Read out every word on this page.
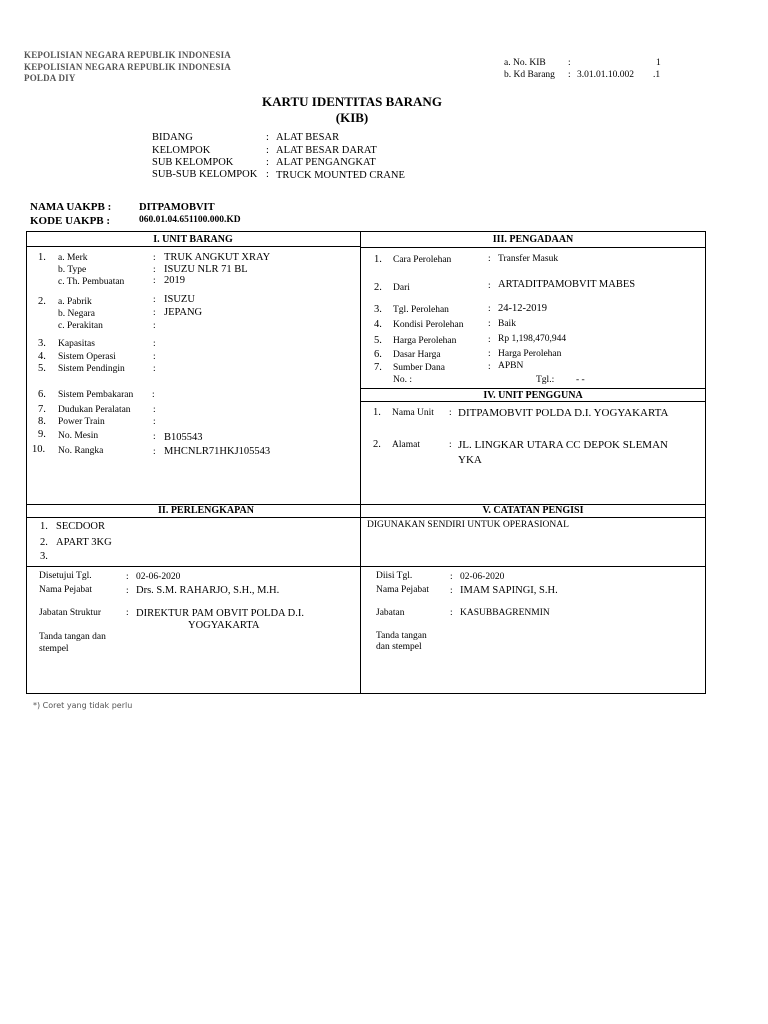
KEPOLISIAN NEGARA REPUBLIK INDONESIA
KEPOLISIAN NEGARA REPUBLIK INDONESIA
POLDA DIY
a. No. KIB :	1
b. Kd Barang : 3.01.01.10.002 .1
KARTU IDENTITAS BARANG
(KIB)
BIDANG	: ALAT BESAR
KELOMPOK	: ALAT BESAR DARAT
SUB KELOMPOK	: ALAT PENGANGKAT
SUB-SUB KELOMPOK : TRUCK MOUNTED CRANE
NAMA UAKPB :	DITPAMOBVIT
KODE UAKPB :	060.01.04.651100.000.KD
I. UNIT BARANG
1. a. Merk	: TRUK ANGKUT XRAY
b. Type	: ISUZU NLR 71 BL
c. Th. Pembuatan	: 2019
2. a. Pabrik	: ISUZU
b. Negara	: JEPANG
c. Perakitan	:
3. Kapasitas	:
4. Sistem Operasi	:
5. Sistem Pendingin	:
6. Sistem Pembakaran :
7. Dudukan Peralatan :
8. Power Train	:
9. No. Mesin	: B105543
10. No. Rangka	: MHCNLR71HKJ105543
III. PENGADAAN
1. Cara Perolehan	: Transfer Masuk
2. Dari	: ARTADITPAMOBVIT MABES
3. Tgl. Perolehan	: 24-12-2019
4. Kondisi Perolehan	: Baik
5. Harga Perolehan	: Rp 1,198,470,944
6. Dasar Harga	: Harga Perolehan
7. Sumber Dana	: APBN
No. :	Tgl.: - -
IV. UNIT PENGGUNA
1. Nama Unit : DITPAMOBVIT POLDA D.I. YOGYAKARTA
2. Alamat	: JL. LINGKAR UTARA CC DEPOK SLEMAN
YKA
II. PERLENGKAPAN
1. SECDOOR
2. APART 3KG
3.
V. CATATAN PENGISI
DIGUNAKAN SENDIRI UNTUK OPERASIONAL
Disetujui Tgl.	: 02-06-2020
Nama Pejabat	: Drs. S.M. RAHARJO, S.H., M.H.
Jabatan Struktur	: DIREKTUR PAM OBVIT POLDA D.I.
YOGYAKARTA
Tanda tangan dan
stempel
Diisi Tgl.	: 02-06-2020
Nama Pejabat : IMAM SAPINGI, S.H.
Jabatan	: KASUBBAGRENMIN
Tanda tangan
dan stempel
*) Coret yang tidak perlu
